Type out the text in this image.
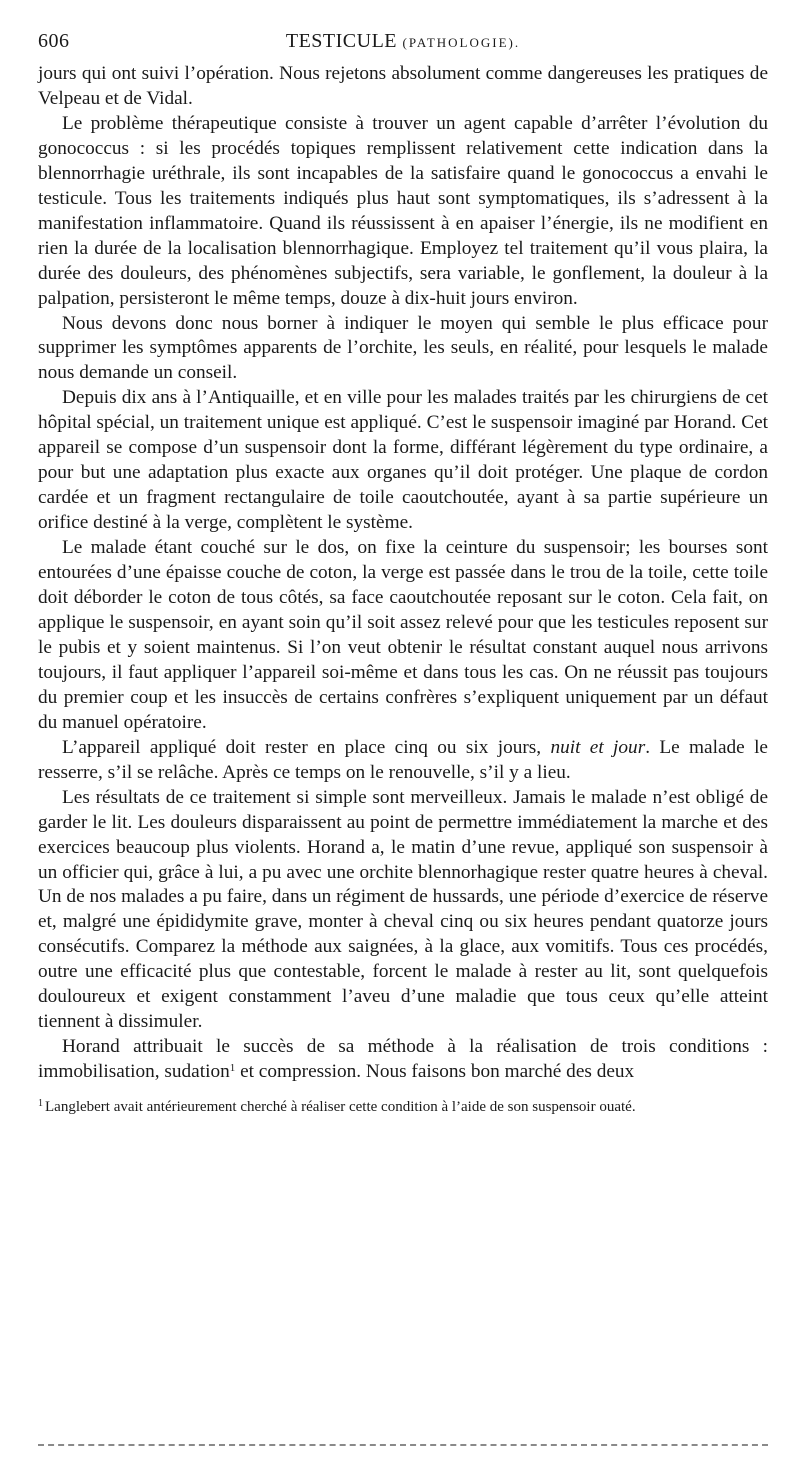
606	TESTICULE (PATHOLOGIE).

jours qui ont suivi l’opération. Nous rejetons absolument comme dangereuses les pratiques de Velpeau et de Vidal.

Le problème thérapeutique consiste à trouver un agent capable d’arrêter l’évolution du gonococcus : si les procédés topiques remplissent relativement cette indication dans la blennorrhagie uréthrale, ils sont incapables de la satisfaire quand le gonococcus a envahi le testicule. Tous les traitements indiqués plus haut sont symptomatiques, ils s’adressent à la manifestation inflammatoire. Quand ils réussissent à en apaiser l’énergie, ils ne modifient en rien la durée de la localisation blennorrhagique. Employez tel traitement qu’il vous plaira, la durée des douleurs, des phénomènes subjectifs, sera variable, le gonflement, la douleur à la palpation, persisteront le même temps, douze à dix-huit jours environ.

Nous devons donc nous borner à indiquer le moyen qui semble le plus efficace pour supprimer les symptômes apparents de l’orchite, les seuls, en réalité, pour lesquels le malade nous demande un conseil.

Depuis dix ans à l’Antiquaille, et en ville pour les malades traités par les chirurgiens de cet hôpital spécial, un traitement unique est appliqué. C’est le suspensoir imaginé par Horand. Cet appareil se compose d’un suspensoir dont la forme, différant légèrement du type ordinaire, a pour but une adaptation plus exacte aux organes qu’il doit protéger. Une plaque de cordon cardée et un fragment rectangulaire de toile caoutchoutée, ayant à sa partie supérieure un orifice destiné à la verge, complètent le système.

Le malade étant couché sur le dos, on fixe la ceinture du suspensoir; les bourses sont entourées d’une épaisse couche de coton, la verge est passée dans le trou de la toile, cette toile doit déborder le coton de tous côtés, sa face caoutchoutée reposant sur le coton. Cela fait, on applique le suspensoir, en ayant soin qu’il soit assez relevé pour que les testicules reposent sur le pubis et y soient maintenus. Si l’on veut obtenir le résultat constant auquel nous arrivons toujours, il faut appliquer l’appareil soi-même et dans tous les cas. On ne réussit pas toujours du premier coup et les insuccès de certains confrères s’expliquent uniquement par un défaut du manuel opératoire.

L’appareil appliqué doit rester en place cinq ou six jours, nuit et jour. Le malade le resserre, s’il se relâche. Après ce temps on le renouvelle, s’il y a lieu.

Les résultats de ce traitement si simple sont merveilleux. Jamais le malade n’est obligé de garder le lit. Les douleurs disparaissent au point de permettre immédiatement la marche et des exercices beaucoup plus violents. Horand a, le matin d’une revue, appliqué son suspensoir à un officier qui, grâce à lui, a pu avec une orchite blennorhagique rester quatre heures à cheval. Un de nos malades a pu faire, dans un régiment de hussards, une période d’exercice de réserve et, malgré une épididymite grave, monter à cheval cinq ou six heures pendant quatorze jours consécutifs. Comparez la méthode aux saignées, à la glace, aux vomitifs. Tous ces procédés, outre une efficacité plus que contestable, forcent le malade à rester au lit, sont quelquefois douloureux et exigent constamment l’aveu d’une maladie que tous ceux qu’elle atteint tiennent à dissimuler.

Horand attribuait le succès de sa méthode à la réalisation de trois conditions : immobilisation, sudation$^1$ et compression. Nous faisons bon marché des deux

$^1$ Langlebert avait antérieurement cherché à réaliser cette condition à l’aide de son suspensoir ouaté.
